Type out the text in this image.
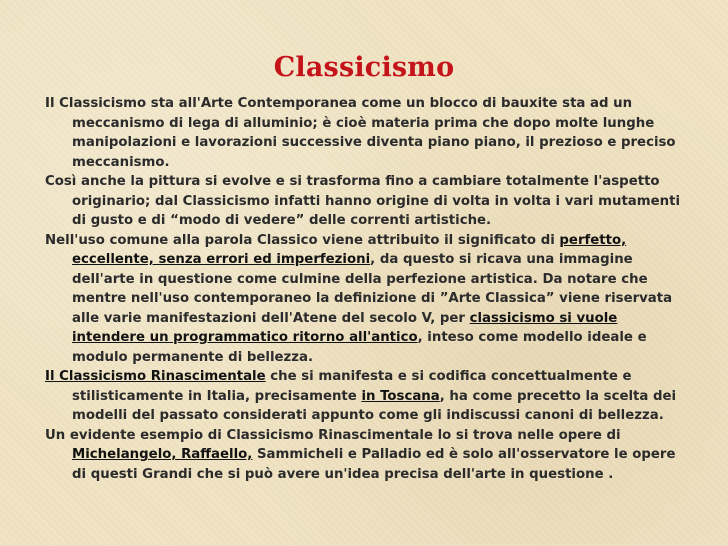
Classicismo

Il Classicismo sta all'Arte Contemporanea come un blocco di bauxite sta ad un meccanismo di lega di alluminio; è cioè materia prima che dopo molte lunghe manipolazioni e lavorazioni successive diventa piano piano, il prezioso e preciso meccanismo.

Così anche la pittura si evolve e si trasforma fino a cambiare totalmente l'aspetto originario; dal Classicismo infatti hanno origine di volta in volta i vari mutamenti di gusto e di “modo di vedere” delle correnti artistiche.

Nell'uso comune alla parola Classico viene attribuito il significato di perfetto, eccellente, senza errori ed imperfezioni, da questo si ricava una immagine dell'arte in questione come culmine della perfezione artistica. Da notare che mentre nell'uso contemporaneo la definizione di ”Arte Classica” viene riservata alle varie manifestazioni dell'Atene del secolo V, per classicismo si vuole intendere un programmatico ritorno all'antico, inteso come modello ideale e modulo permanente di bellezza.

Il Classicismo Rinascimentale che si manifesta e si codifica concettualmente e stilisticamente in Italia, precisamente in Toscana, ha come precetto la scelta dei modelli del passato considerati appunto come gli indiscussi canoni di bellezza.

Un evidente esempio di Classicismo Rinascimentale lo si trova nelle opere di Michelangelo, Raffaello, Sammicheli e Palladio ed è solo all'osservatore le opere di questi Grandi che si può avere un'idea precisa dell'arte in questione .
